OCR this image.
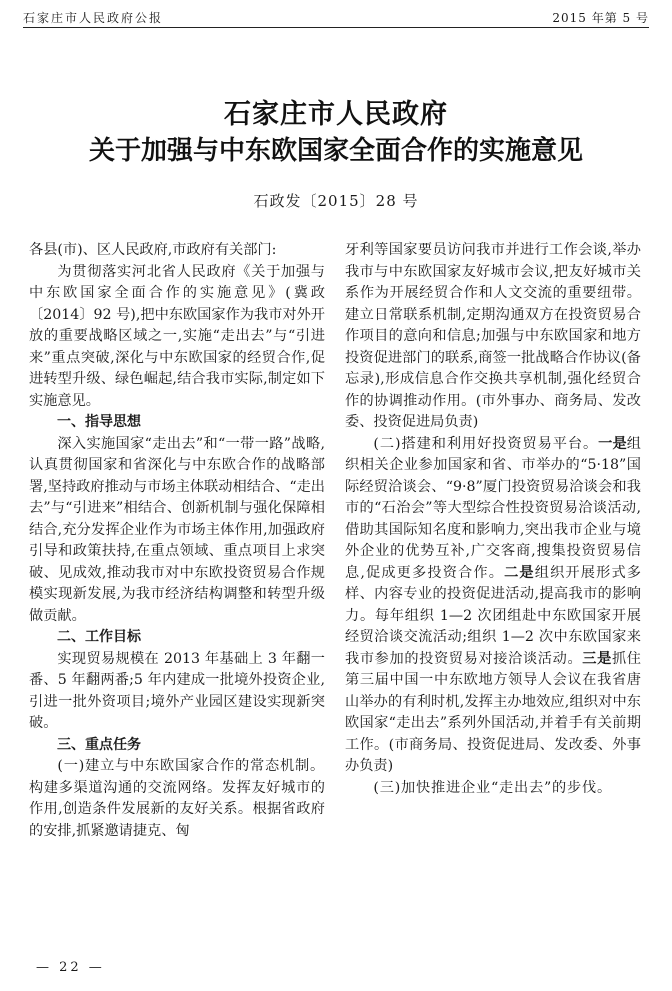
石家庄市人民政府公报	2015 年第 5 号
石家庄市人民政府
关于加强与中东欧国家全面合作的实施意见
石政发〔2015〕28 号

各县(市)、区人民政府,市政府有关部门:

为贯彻落实河北省人民政府《关于加强与中东欧国家全面合作的实施意见》(冀政〔2014〕92 号),把中东欧国家作为我市对外开放的重要战略区域之一,实施“走出去”与“引进来”重点突破,深化与中东欧国家的经贸合作,促进转型升级、绿色崛起,结合我市实际,制定如下实施意见。

一、指导思想

深入实施国家“走出去”和“一带一路”战略,认真贯彻国家和省深化与中东欧合作的战略部署,坚持政府推动与市场主体联动相结合、“走出去”与“引进来”相结合、创新机制与强化保障相结合,充分发挥企业作为市场主体作用,加强政府引导和政策扶持,在重点领域、重点项目上求突破、见成效,推动我市对中东欧投资贸易合作规模实现新发展,为我市经济结构调整和转型升级做贡献。

二、工作目标

实现贸易规模在 2013 年基础上 3 年翻一番、5 年翻两番;5 年内建成一批境外投资企业,引进一批外资项目;境外产业园区建设实现新突破。

三、重点任务

(一)建立与中东欧国家合作的常态机制。构建多渠道沟通的交流网络。发挥友好城市的作用,创造条件发展新的友好关系。根据省政府的安排,抓紧邀请捷克、匈

牙利等国家要员访问我市并进行工作会谈,举办我市与中东欧国家友好城市会议,把友好城市关系作为开展经贸合作和人文交流的重要纽带。建立日常联系机制,定期沟通双方在投资贸易合作项目的意向和信息;加强与中东欧国家和地方投资促进部门的联系,商签一批战略合作协议(备忘录),形成信息合作交换共享机制,强化经贸合作的协调推动作用。(市外事办、商务局、发改委、投资促进局负责)

(二)搭建和利用好投资贸易平台。一是组织相关企业参加国家和省、市举办的“5·18”国际经贸洽谈会、“9·8”厦门投资贸易洽谈会和我市的“石治会”等大型综合性投资贸易洽谈活动,借助其国际知名度和影响力,突出我市企业与境外企业的优势互补,广交客商,搜集投资贸易信息,促成更多投资合作。二是组织开展形式多样、内容专业的投资促进活动,提高我市的影响力。每年组织 1—2 次团组赴中东欧国家开展经贸洽谈交流活动;组织 1—2 次中东欧国家来我市参加的投资贸易对接洽谈活动。三是抓住第三届中国一中东欧地方领导人会议在我省唐山举办的有利时机,发挥主办地效应,组织对中东欧国家“走出去”系列外国活动,并着手有关前期工作。(市商务局、投资促进局、发改委、外事办负责)

(三)加快推进企业“走出去”的步伐。

— 22 —
